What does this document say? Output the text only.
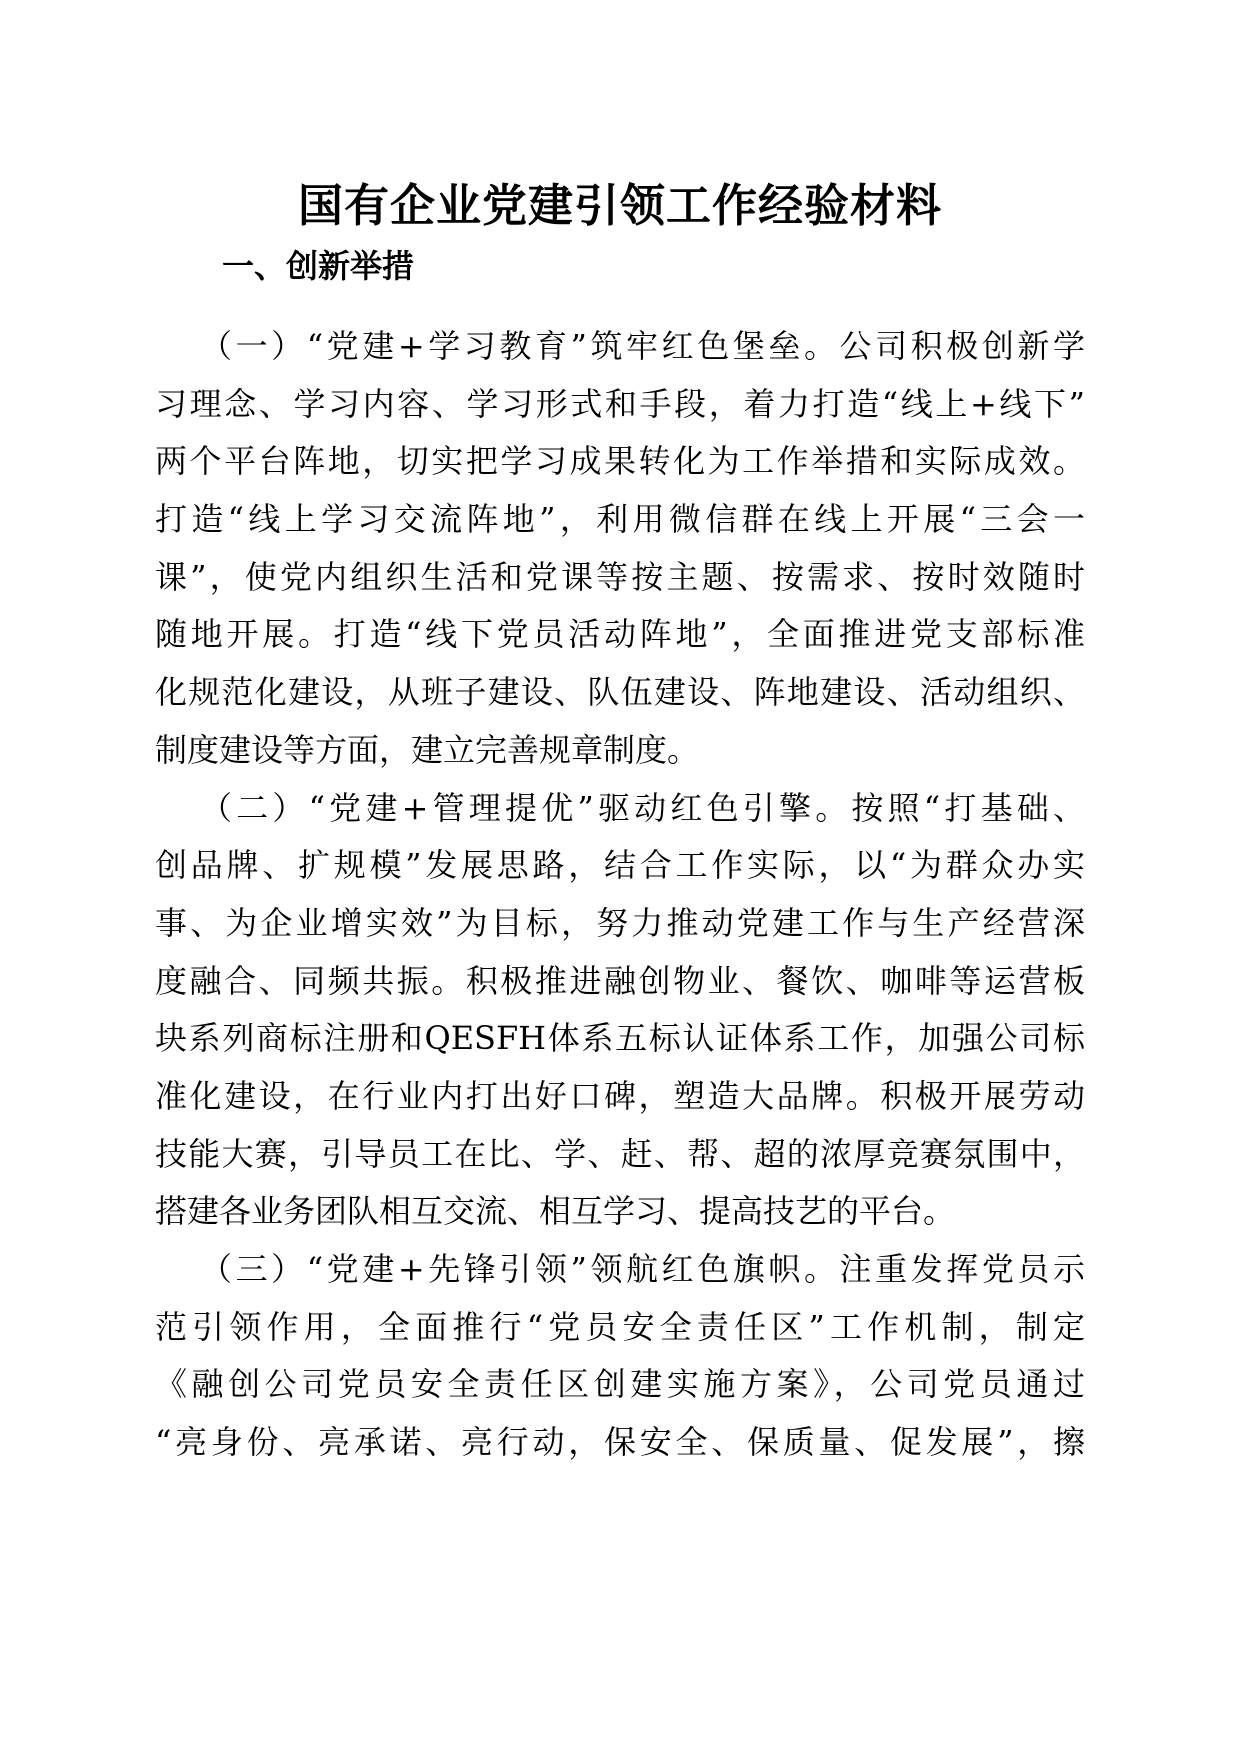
国有企业党建引领工作经验材料
一、创新举措
（一）“党建+学习教育”筑牢红色堡垒。公司积极创新学
习理念、学习内容、学习形式和手段，着力打造“线上+线下”
两个平台阵地，切实把学习成果转化为工作举措和实际成效。
打造“线上学习交流阵地”，利用微信群在线上开展“三会一
课”，使党内组织生活和党课等按主题、按需求、按时效随时
随地开展。打造“线下党员活动阵地”，全面推进党支部标准
化规范化建设，从班子建设、队伍建设、阵地建设、活动组织、
制度建设等方面，建立完善规章制度。
（二）“党建+管理提优”驱动红色引擎。按照“打基础、
创品牌、扩规模”发展思路，结合工作实际，以“为群众办实
事、为企业增实效”为目标，努力推动党建工作与生产经营深
度融合、同频共振。积极推进融创物业、餐饮、咖啡等运营板
块系列商标注册和QESFH体系五标认证体系工作，加强公司标
准化建设，在行业内打出好口碑，塑造大品牌。积极开展劳动
技能大赛，引导员工在比、学、赶、帮、超的浓厚竞赛氛围中，
搭建各业务团队相互交流、相互学习、提高技艺的平台。
（三）“党建+先锋引领”领航红色旗帜。注重发挥党员示
范引领作用，全面推行“党员安全责任区”工作机制，制定
《融创公司党员安全责任区创建实施方案》，公司党员通过
“亮身份、亮承诺、亮行动，保安全、保质量、促发展”，擦
